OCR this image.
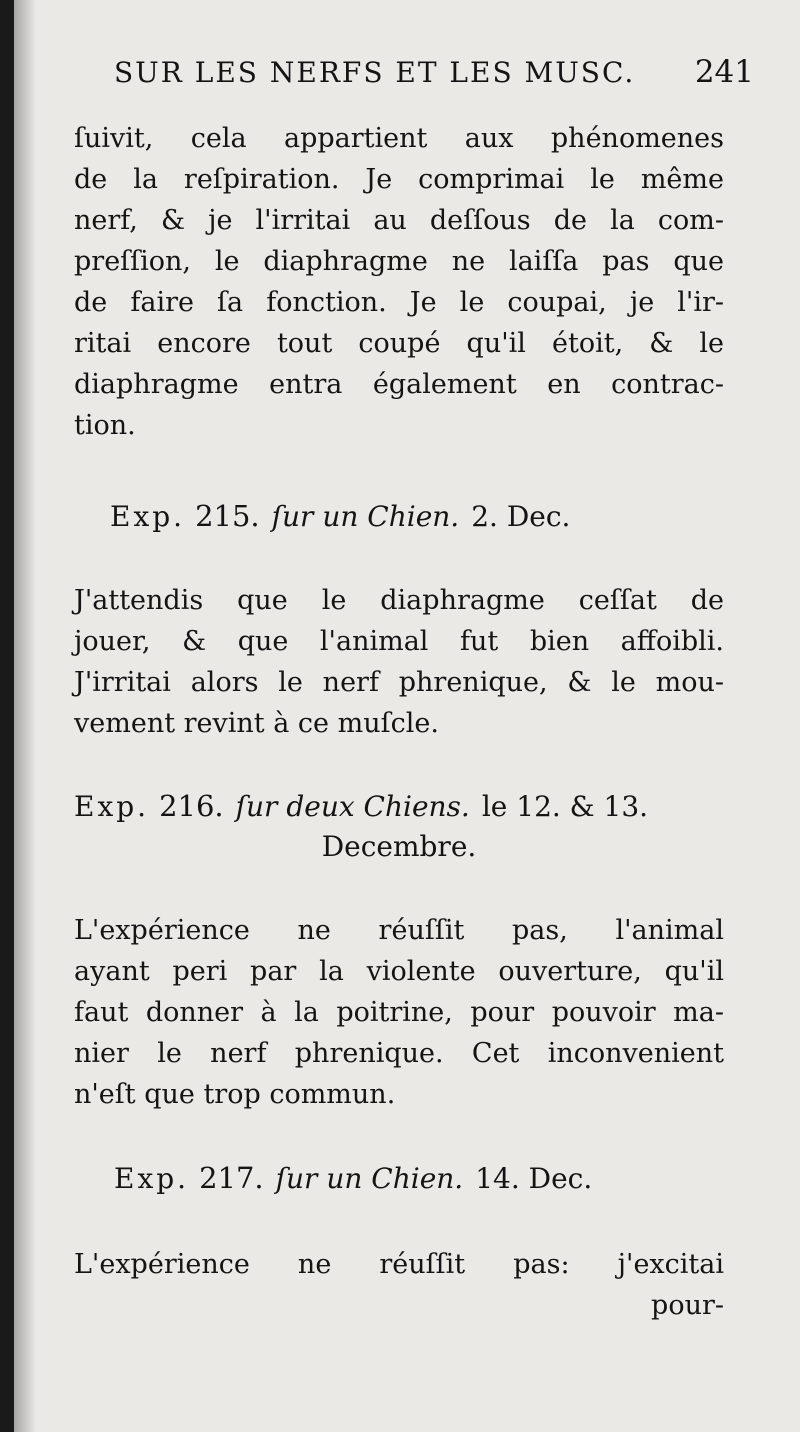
SUR LES NERFS ET LES MUSC. 241
ſuivit, cela appartient aux phénomenes
de la reſpiration. Je comprimai le même
nerf, & je l'irritai au deſſous de la com-
preſſion, le diaphragme ne laiſſa pas que
de faire ſa fonction. Je le coupai, je l'ir-
ritai encore tout coupé qu'il étoit, & le
diaphragme entra également en contrac-
tion.
Exp. 215. ſur un Chien. 2. Dec.
J'attendis que le diaphragme ceſſat de
jouer, & que l'animal fut bien affoibli.
J'irritai alors le nerf phrenique, & le mou-
vement revint à ce muſcle.
Exp. 216. ſur deux Chiens. le 12. & 13.
Decembre.
L'expérience ne réuſſit pas, l'animal
ayant peri par la violente ouverture, qu'il
faut donner à la poitrine, pour pouvoir ma-
nier le nerf phrenique. Cet inconvenient
n'eſt que trop commun.
Exp. 217. ſur un Chien. 14. Dec.
L'expérience ne réuſſit pas: j'excitai
pour-
